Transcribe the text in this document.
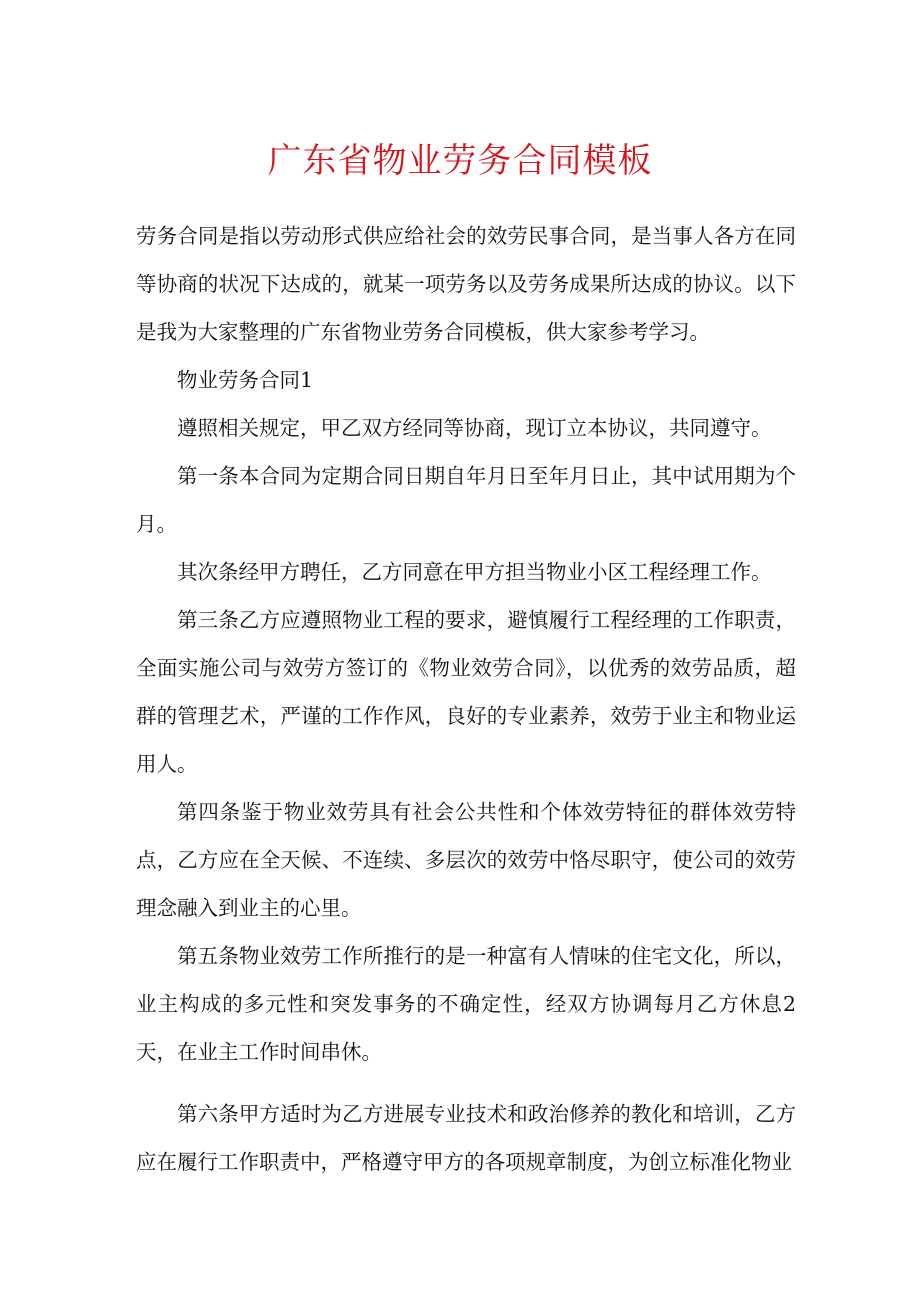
广东省物业劳务合同模板

劳务合同是指以劳动形式供应给社会的效劳民事合同，是当事人各方在同等协商的状况下达成的，就某一项劳务以及劳务成果所达成的协议。以下是我为大家整理的广东省物业劳务合同模板，供大家参考学习。

物业劳务合同1

遵照相关规定，甲乙双方经同等协商，现订立本协议，共同遵守。

第一条本合同为定期合同日期自年月日至年月日止，其中试用期为个月。

其次条经甲方聘任，乙方同意在甲方担当物业小区工程经理工作。

第三条乙方应遵照物业工程的要求，避慎履行工程经理的工作职责，全面实施公司与效劳方签订的《物业效劳合同》，以优秀的效劳品质，超群的管理艺术，严谨的工作作风，良好的专业素养，效劳于业主和物业运用人。

第四条鉴于物业效劳具有社会公共性和个体效劳特征的群体效劳特点，乙方应在全天候、不连续、多层次的效劳中恪尽职守，使公司的效劳理念融入到业主的心里。

第五条物业效劳工作所推行的是一种富有人情味的住宅文化，所以，业主构成的多元性和突发事务的不确定性，经双方协调每月乙方休息2天，在业主工作时间串休。

第六条甲方适时为乙方进展专业技术和政治修养的教化和培训，乙方应在履行工作职责中，严格遵守甲方的各项规章制度，为创立标准化物业
